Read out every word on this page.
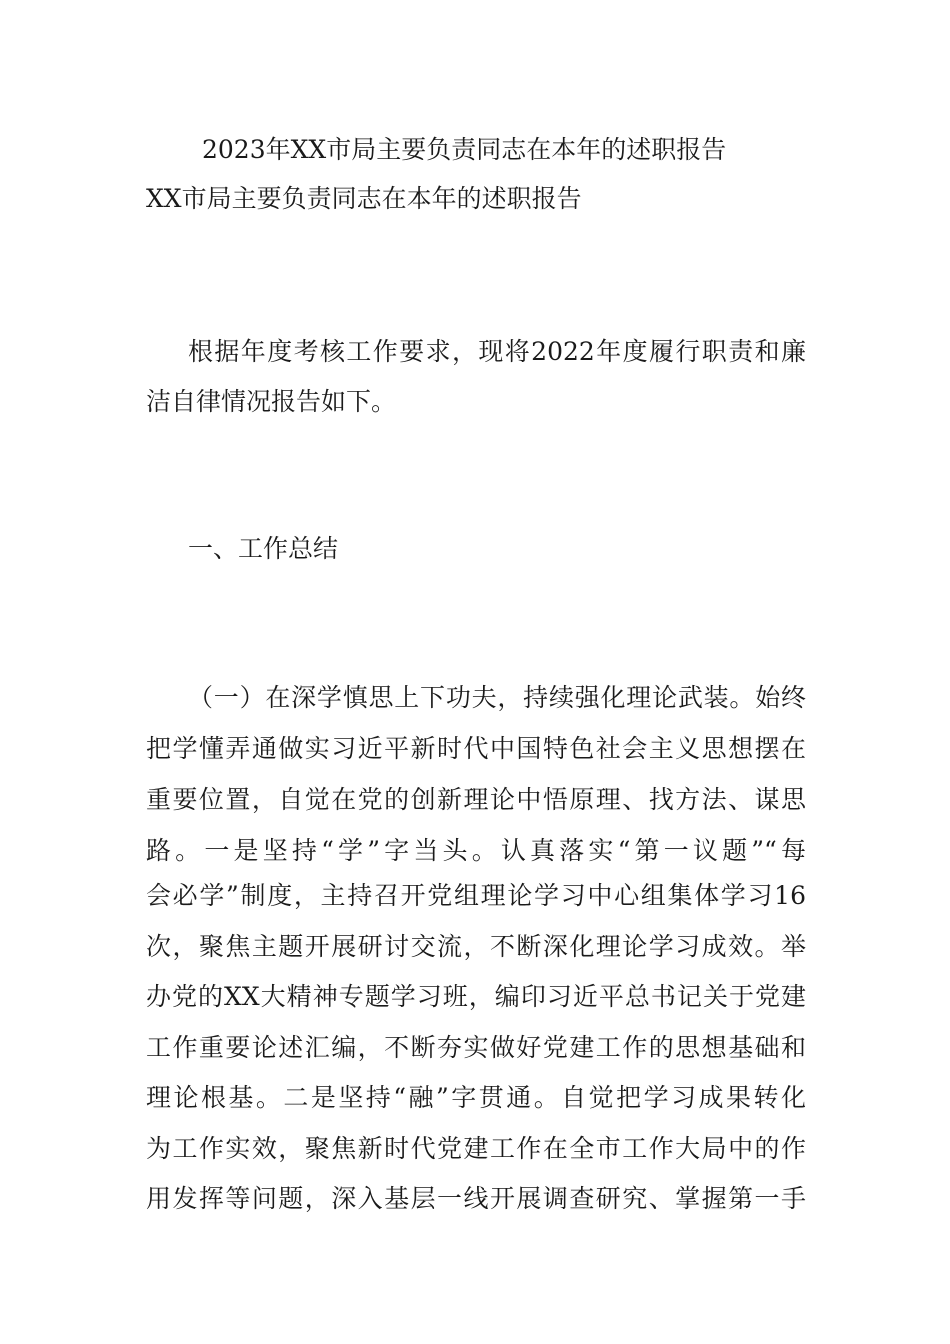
2023年XX市局主要负责同志在本年的述职报告
XX市局主要负责同志在本年的述职报告
根据年度考核工作要求，现将2022年度履行职责和廉
洁自律情况报告如下。
一、工作总结
（一）在深学慎思上下功夫，持续强化理论武装。始终
把学懂弄通做实习近平新时代中国特色社会主义思想摆在
重要位置，自觉在党的创新理论中悟原理、找方法、谋思
路。一是坚持“学”字当头。认真落实“第一议题”“每
会必学”制度，主持召开党组理论学习中心组集体学习16
次，聚焦主题开展研讨交流，不断深化理论学习成效。举
办党的XX大精神专题学习班，编印习近平总书记关于党建
工作重要论述汇编，不断夯实做好党建工作的思想基础和
理论根基。二是坚持“融”字贯通。自觉把学习成果转化
为工作实效，聚焦新时代党建工作在全市工作大局中的作
用发挥等问题，深入基层一线开展调查研究、掌握第一手
